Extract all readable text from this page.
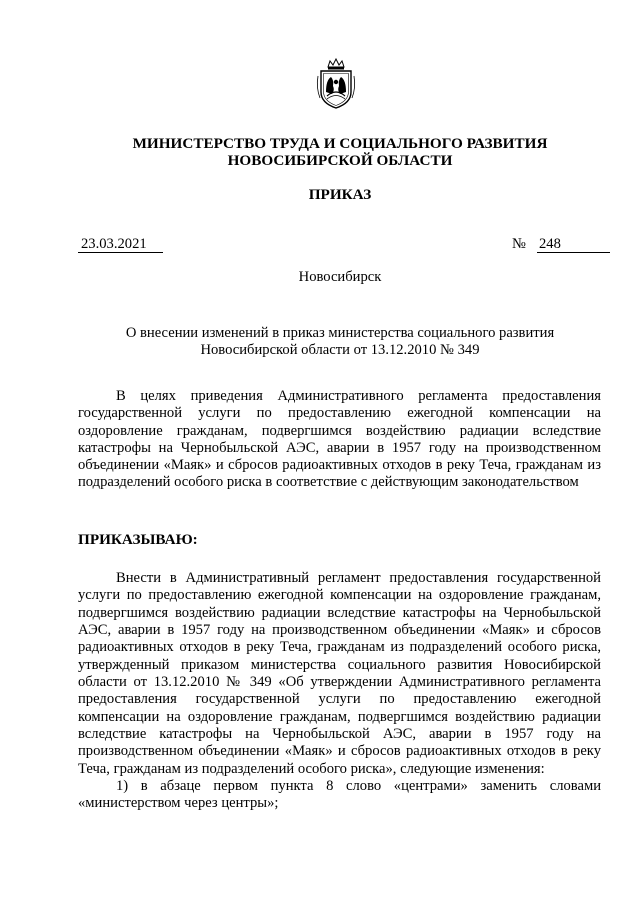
МИНИСТЕРСТВО ТРУДА И СОЦИАЛЬНОГО РАЗВИТИЯ
НОВОСИБИРСКОЙ ОБЛАСТИ
ПРИКАЗ
23.03.2021	№ 248
Новосибирск
О внесении изменений в приказ министерства социального развития
Новосибирской области от 13.12.2010 № 349

В целях приведения Административного регламента предоставления государственной услуги по предоставлению ежегодной компенсации на оздоровление гражданам, подвергшимся воздействию радиации вследствие катастрофы на Чернобыльской АЭС, аварии в 1957 году на производственном объединении «Маяк» и сбросов радиоактивных отходов в реку Теча, гражданам из подразделений особого риска в соответствие с действующим законодательством

ПРИКАЗЫВАЮ:

Внести в Административный регламент предоставления государственной услуги по предоставлению ежегодной компенсации на оздоровление гражданам, подвергшимся воздействию радиации вследствие катастрофы на Чернобыльской АЭС, аварии в 1957 году на производственном объединении «Маяк» и сбросов радиоактивных отходов в реку Теча, гражданам из подразделений особого риска, утвержденный приказом министерства социального развития Новосибирской области от 13.12.2010 № 349 «Об утверждении Административного регламента предоставления государственной услуги по предоставлению ежегодной компенсации на оздоровление гражданам, подвергшимся воздействию радиации вследствие катастрофы на Чернобыльской АЭС, аварии в 1957 году на производственном объединении «Маяк» и сбросов радиоактивных отходов в реку Теча, гражданам из подразделений особого риска», следующие изменения:

1) в абзаце первом пункта 8 слово «центрами» заменить словами «министерством через центры»;
